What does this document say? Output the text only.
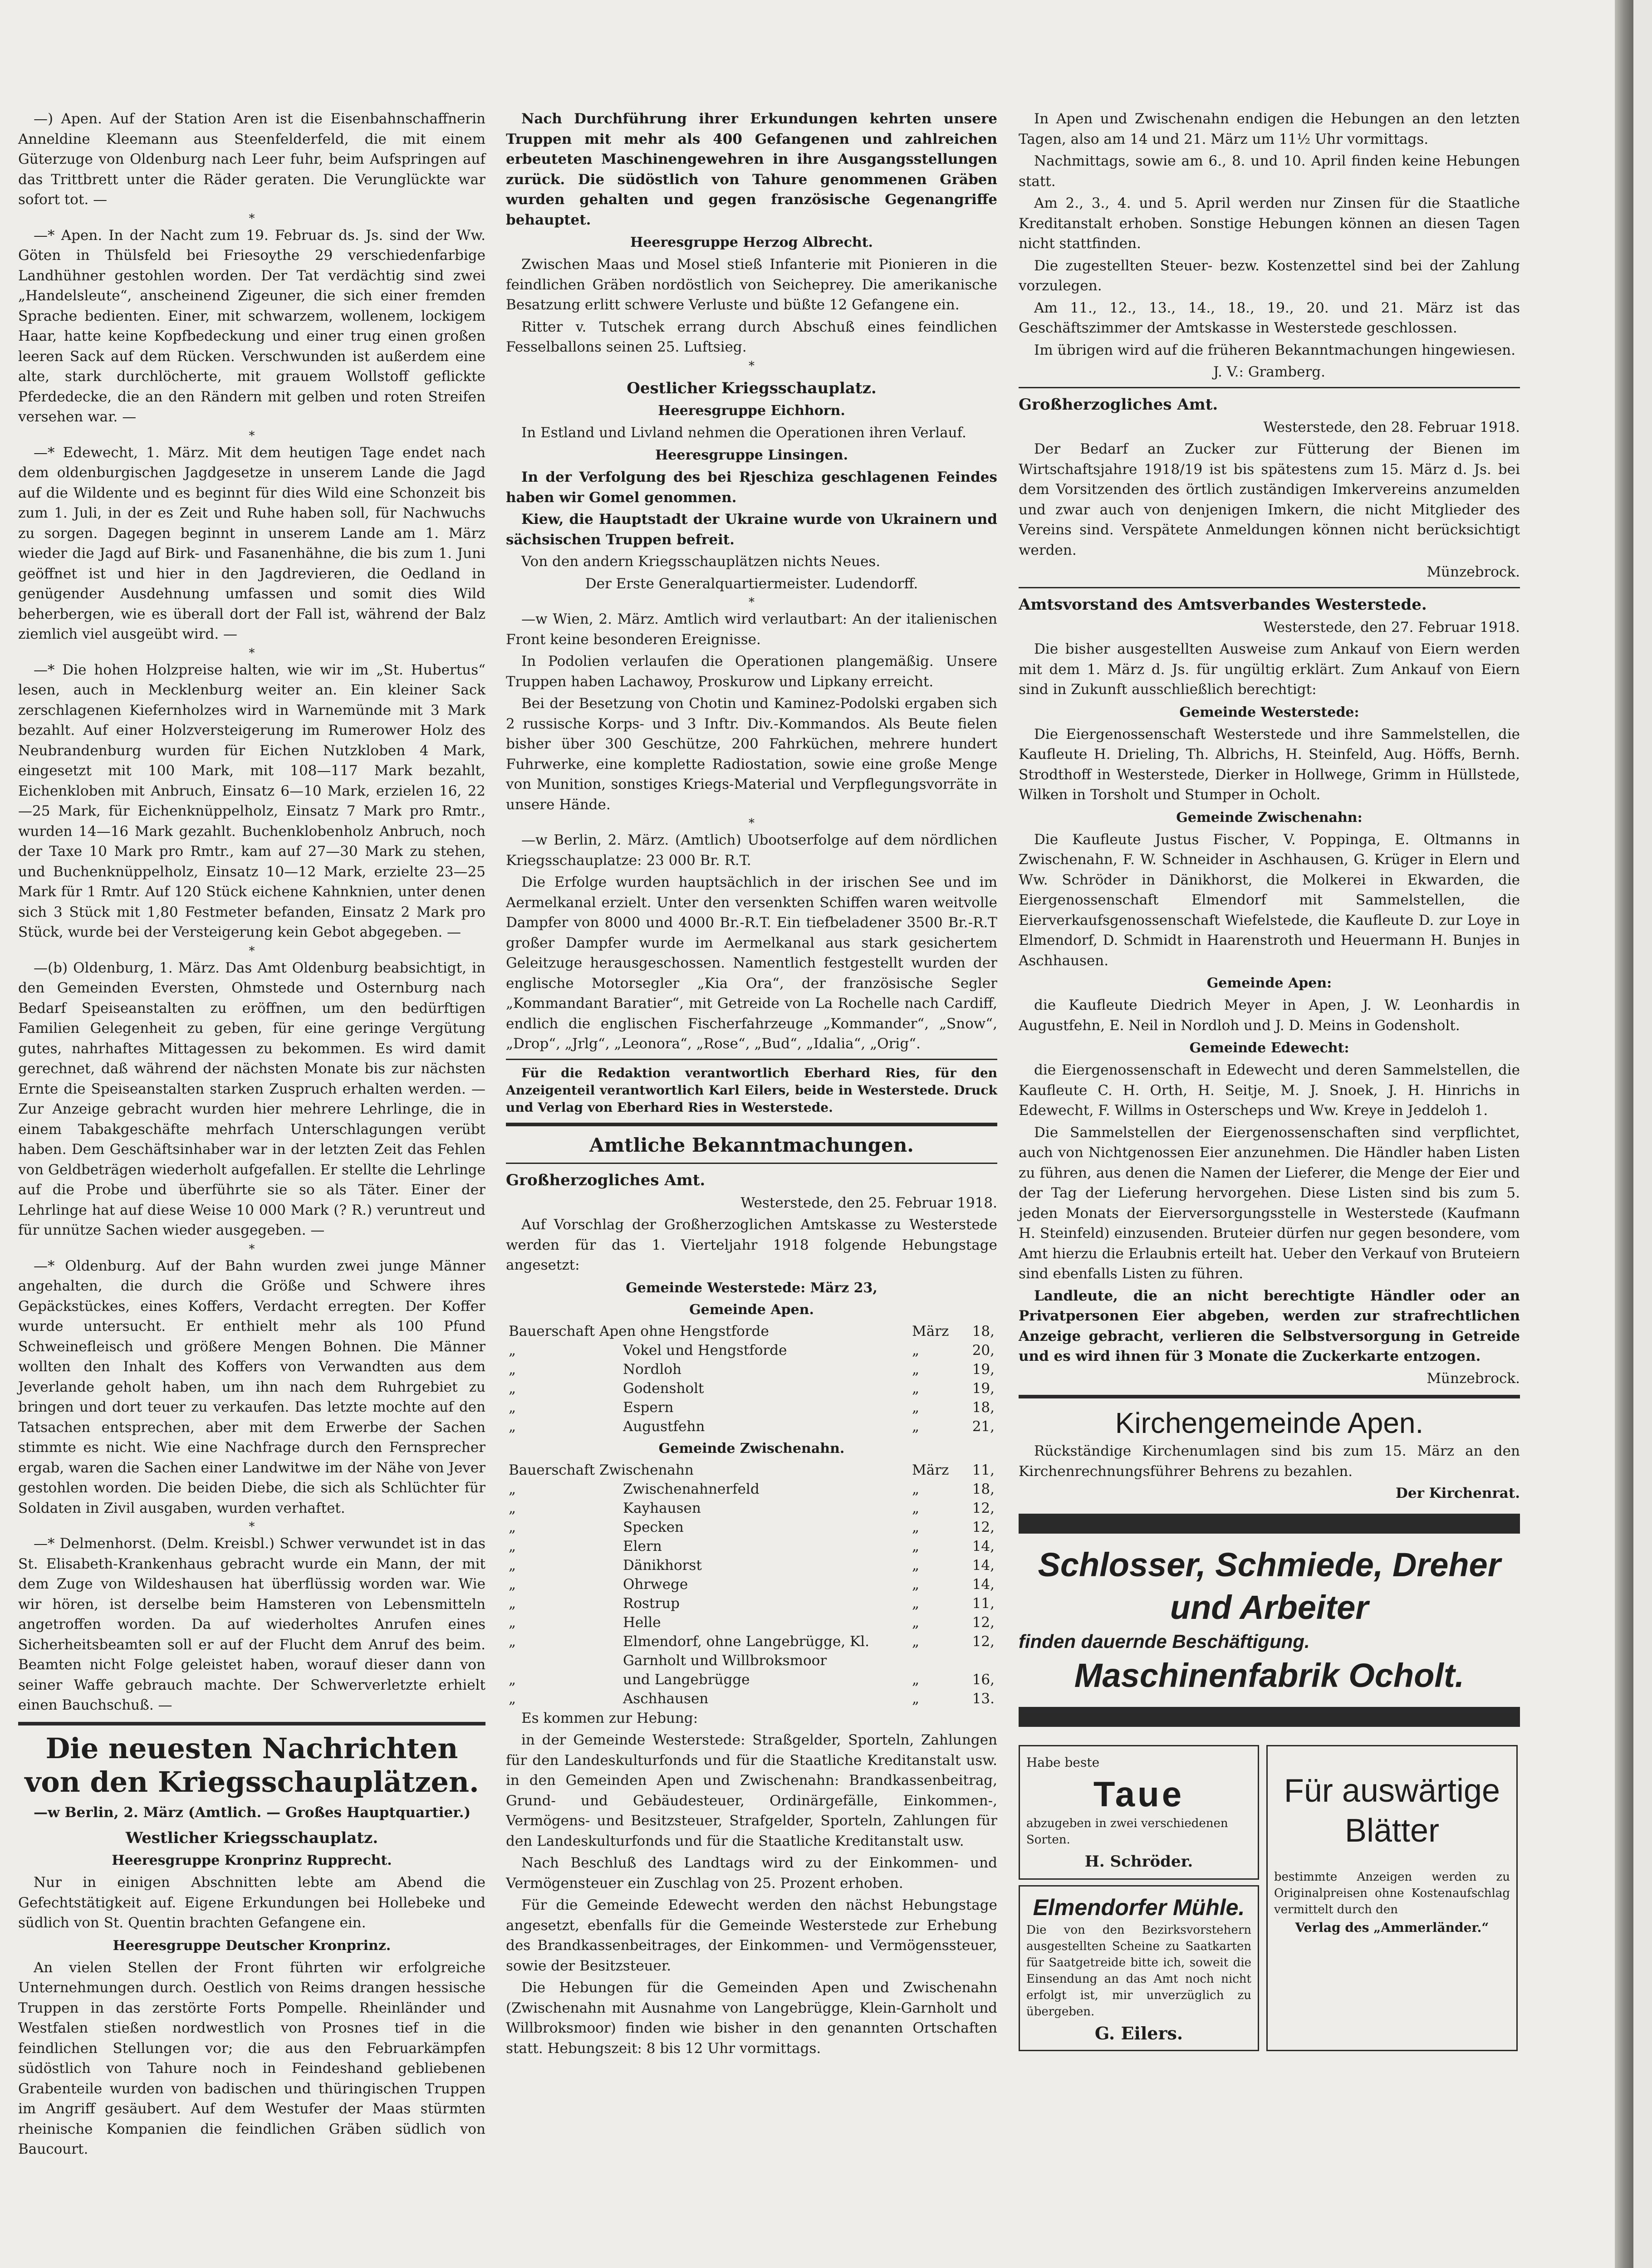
—) Apen. Auf der Station Aren ist die Eisenbahnschaffnerin Anneldine Kleemann aus Steenfelderfeld, die mit einem Güterzuge von Oldenburg nach Leer fuhr, beim Aufspringen auf das Trittbrett unter die Räder geraten. Die Verunglückte war sofort tot. —

*

—* Apen. In der Nacht zum 19. Februar ds. Js. sind der Ww. Göten in Thülsfeld bei Friesoythe 29 verschiedenfarbige Landhühner gestohlen worden. Der Tat verdächtig sind zwei „Handelsleute“, anscheinend Zigeuner, die sich einer fremden Sprache bedienten. Einer, mit schwarzem, wollenem, lockigem Haar, hatte keine Kopfbedeckung und einer trug einen großen leeren Sack auf dem Rücken. Verschwunden ist außerdem eine alte, stark durchlöcherte, mit grauem Wollstoff geflickte Pferdedecke, die an den Rändern mit gelben und roten Streifen versehen war. —

*

—* Edewecht, 1. März. Mit dem heutigen Tage endet nach dem oldenburgischen Jagdgesetze in unserem Lande die Jagd auf die Wildente und es beginnt für dies Wild eine Schonzeit bis zum 1. Juli, in der es Zeit und Ruhe haben soll, für Nachwuchs zu sorgen. Dagegen beginnt in unserem Lande am 1. März wieder die Jagd auf Birk- und Fasanenhähne, die bis zum 1. Juni geöffnet ist und hier in den Jagdrevieren, die Oedland in genügender Ausdehnung umfassen und somit dies Wild beherbergen, wie es überall dort der Fall ist, während der Balz ziemlich viel ausgeübt wird. —

*

—* Die hohen Holzpreise halten, wie wir im „St. Hubertus“ lesen, auch in Mecklenburg weiter an. Ein kleiner Sack zerschlagenen Kiefernholzes wird in Warnemünde mit 3 Mark bezahlt. Auf einer Holzversteigerung im Rumerower Holz des Neubrandenburg wurden für Eichen Nutzkloben 4 Mark, eingesetzt mit 100 Mark, mit 108—117 Mark bezahlt, Eichenkloben mit Anbruch, Einsatz 6—10 Mark, erzielen 16, 22—25 Mark, für Eichenknüppelholz, Einsatz 7 Mark pro Rmtr., wurden 14—16 Mark gezahlt. Buchenklobenholz Anbruch, noch der Taxe 10 Mark pro Rmtr., kam auf 27—30 Mark zu stehen, und Buchenknüppelholz, Einsatz 10—12 Mark, erzielte 23—25 Mark für 1 Rmtr. Auf 120 Stück eichene Kahnknien, unter denen sich 3 Stück mit 1,80 Festmeter befanden, Einsatz 2 Mark pro Stück, wurde bei der Versteigerung kein Gebot abgegeben. —

*

—(b) Oldenburg, 1. März. Das Amt Oldenburg beabsichtigt, in den Gemeinden Eversten, Ohmstede und Osternburg nach Bedarf Speiseanstalten zu eröffnen, um den bedürftigen Familien Gelegenheit zu geben, für eine geringe Vergütung gutes, nahrhaftes Mittagessen zu bekommen. Es wird damit gerechnet, daß während der nächsten Monate bis zur nächsten Ernte die Speiseanstalten starken Zuspruch erhalten werden. — Zur Anzeige gebracht wurden hier mehrere Lehrlinge, die in einem Tabakgeschäfte mehrfach Unterschlagungen verübt haben. Dem Geschäftsinhaber war in der letzten Zeit das Fehlen von Geldbeträgen wiederholt aufgefallen. Er stellte die Lehrlinge auf die Probe und überführte sie so als Täter. Einer der Lehrlinge hat auf diese Weise 10 000 Mark (? R.) veruntreut und für unnütze Sachen wieder ausgegeben. —

*

—* Oldenburg. Auf der Bahn wurden zwei junge Männer angehalten, die durch die Größe und Schwere ihres Gepäckstückes, eines Koffers, Verdacht erregten. Der Koffer wurde untersucht. Er enthielt mehr als 100 Pfund Schweinefleisch und größere Mengen Bohnen. Die Männer wollten den Inhalt des Koffers von Verwandten aus dem Jeverlande geholt haben, um ihn nach dem Ruhrgebiet zu bringen und dort teuer zu verkaufen. Das letzte mochte auf den Tatsachen entsprechen, aber mit dem Erwerbe der Sachen stimmte es nicht. Wie eine Nachfrage durch den Fernsprecher ergab, waren die Sachen einer Landwitwe im der Nähe von Jever gestohlen worden. Die beiden Diebe, die sich als Schlüchter für Soldaten in Zivil ausgaben, wurden verhaftet.

*

—* Delmenhorst. (Delm. Kreisbl.) Schwer verwundet ist in das St. Elisabeth-Krankenhaus gebracht wurde ein Mann, der mit dem Zuge von Wildeshausen hat überflüssig worden war. Wie wir hören, ist derselbe beim Hamsteren von Lebensmitteln angetroffen worden. Da auf wiederholtes Anrufen eines Sicherheitsbeamten soll er auf der Flucht dem Anruf des beim. Beamten nicht Folge geleistet haben, worauf dieser dann von seiner Waffe gebrauch machte. Der Schwerverletzte erhielt einen Bauchschuß. —

Die neuesten Nachrichten von den Kriegsschauplätzen.

—w Berlin, 2. März (Amtlich. — Großes Hauptquartier.)

Westlicher Kriegsschauplatz.
Heeresgruppe Kronprinz Rupprecht.

Nur in einigen Abschnitten lebte am Abend die Gefechtstätigkeit auf. Eigene Erkundungen bei Hollebeke und südlich von St. Quentin brachten Gefangene ein.

Heeresgruppe Deutscher Kronprinz.

An vielen Stellen der Front führten wir erfolgreiche Unternehmungen durch. Oestlich von Reims drangen hessische Truppen in das zerstörte Forts Pompelle. Rheinländer und Westfalen stießen nordwestlich von Prosnes tief in die feindlichen Stellungen vor; die aus den Februarkämpfen südöstlich von Tahure noch in Feindeshand gebliebenen Grabenteile wurden von badischen und thüringischen Truppen im Angriff gesäubert. Auf dem Westufer der Maas stürmten rheinische Kompanien die feindlichen Gräben südlich von Baucourt.

Nach Durchführung ihrer Erkundungen kehrten unsere Truppen mit mehr als 400 Gefangenen und zahlreichen erbeuteten Maschinengewehren in ihre Ausgangsstellungen zurück. Die südöstlich von Tahure genommenen Gräben wurden gehalten und gegen französische Gegenangriffe behauptet.

Heeresgruppe Herzog Albrecht.

Zwischen Maas und Mosel stieß Infanterie mit Pionieren in die feindlichen Gräben nordöstlich von Seicheprey. Die amerikanische Besatzung erlitt schwere Verluste und büßte 12 Gefangene ein.

Ritter v. Tutschek errang durch Abschuß eines feindlichen Fesselballons seinen 25. Luftsieg.

*
Oestlicher Kriegsschauplatz.
Heeresgruppe Eichhorn.

In Estland und Livland nehmen die Operationen ihren Verlauf.

Heeresgruppe Linsingen.

In der Verfolgung des bei Rjeschiza geschlagenen Feindes haben wir Gomel genommen.

Kiew, die Hauptstadt der Ukraine wurde von Ukrainern und sächsischen Truppen befreit.

Von den andern Kriegsschauplätzen nichts Neues.

Der Erste Generalquartiermeister. Ludendorff.

*

—w Wien, 2. März. Amtlich wird verlautbart: An der italienischen Front keine besonderen Ereignisse.

In Podolien verlaufen die Operationen plangemäßig. Unsere Truppen haben Lachawoy, Proskurow und Lipkany erreicht.

Bei der Besetzung von Chotin und Kaminez-Podolski ergaben sich 2 russische Korps- und 3 Inftr. Div.-Kommandos. Als Beute fielen bisher über 300 Geschütze, 200 Fahrküchen, mehrere hundert Fuhrwerke, eine komplette Radiostation, sowie eine große Menge von Munition, sonstiges Kriegs-Material und Verpflegungsvorräte in unsere Hände.

*

—w Berlin, 2. März. (Amtlich) Ubootserfolge auf dem nördlichen Kriegsschauplatze: 23 000 Br. R.T.

Die Erfolge wurden hauptsächlich in der irischen See und im Aermelkanal erzielt. Unter den versenkten Schiffen waren weitvolle Dampfer von 8000 und 4000 Br.-R.T. Ein tiefbeladener 3500 Br.-R.T großer Dampfer wurde im Aermelkanal aus stark gesichertem Geleitzuge herausgeschossen. Namentlich festgestellt wurden der englische Motorsegler „Kia Ora“, der französische Segler „Kommandant Baratier“, mit Getreide von La Rochelle nach Cardiff, endlich die englischen Fischerfahrzeuge „Kommander“, „Snow“, „Drop“, „Jrlg“, „Leonora“, „Rose“, „Bud“, „Idalia“, „Orig“.

Für die Redaktion verantwortlich Eberhard Ries, für den Anzeigenteil verantwortlich Karl Eilers, beide in Westerstede. Druck und Verlag von Eberhard Ries in Westerstede.

Amtliche Bekanntmachungen.
Großherzogliches Amt.

Westerstede, den 25. Februar 1918.

Auf Vorschlag der Großherzoglichen Amtskasse zu Westerstede werden für das 1. Vierteljahr 1918 folgende Hebungstage angesetzt:

Gemeinde Westerstede: März 23,
Gemeinde Apen.
Bauerschaft Apen ohne Hengstforde		März	18,
„	Vokel und Hengstforde	„	20,
„	Nordloh	„	19,
„	Godensholt	„	19,
„	Espern	„	18,
„	Augustfehn	„	21,
Gemeinde Zwischenahn.
Bauerschaft Zwischenahn		März	11,
„	Zwischenahnerfeld	„	18,
„	Kayhausen	„	12,
„	Specken	„	12,
„	Elern	„	14,
„	Dänikhorst	„	14,
„	Ohrwege	„	14,
„	Rostrup	„	11,
„	Helle	„	12,
„	Elmendorf, ohne Langebrügge, Kl. Garnholt und Willbroksmoor	„	12,
„	und Langebrügge	„	16,
„	Aschhausen	„	13.

Es kommen zur Hebung:

in der Gemeinde Westerstede: Straßgelder, Sporteln, Zahlungen für den Landeskulturfonds und für die Staatliche Kreditanstalt usw. in den Gemeinden Apen und Zwischenahn: Brandkassenbeitrag, Grund- und Gebäudesteuer, Ordinärgefälle, Einkommen-, Vermögens- und Besitzsteuer, Strafgelder, Sporteln, Zahlungen für den Landeskulturfonds und für die Staatliche Kreditanstalt usw.

Nach Beschluß des Landtags wird zu der Einkommen- und Vermögensteuer ein Zuschlag von 25. Prozent erhoben.

Für die Gemeinde Edewecht werden den nächst Hebungstage angesetzt, ebenfalls für die Gemeinde Westerstede zur Erhebung des Brandkassenbeitrages, der Einkommen- und Vermögenssteuer, sowie der Besitzsteuer.

Die Hebungen für die Gemeinden Apen und Zwischenahn (Zwischenahn mit Ausnahme von Langebrügge, Klein-Garnholt und Willbroksmoor) finden wie bisher in den genannten Ortschaften statt. Hebungszeit: 8 bis 12 Uhr vormittags.

In Apen und Zwischenahn endigen die Hebungen an den letzten Tagen, also am 14 und 21. März um 11½ Uhr vormittags.

Nachmittags, sowie am 6., 8. und 10. April finden keine Hebungen statt.

Am 2., 3., 4. und 5. April werden nur Zinsen für die Staatliche Kreditanstalt erhoben. Sonstige Hebungen können an diesen Tagen nicht stattfinden.

Die zugestellten Steuer- bezw. Kostenzettel sind bei der Zahlung vorzulegen.

Am 11., 12., 13., 14., 18., 19., 20. und 21. März ist das Geschäftszimmer der Amtskasse in Westerstede geschlossen.

Im übrigen wird auf die früheren Bekanntmachungen hingewiesen.

J. V.: Gramberg.

Großherzogliches Amt.

Westerstede, den 28. Februar 1918.

Der Bedarf an Zucker zur Fütterung der Bienen im Wirtschaftsjahre 1918/19 ist bis spätestens zum 15. März d. Js. bei dem Vorsitzenden des örtlich zuständigen Imkervereins anzumelden und zwar auch von denjenigen Imkern, die nicht Mitglieder des Vereins sind. Verspätete Anmeldungen können nicht berücksichtigt werden.

Münzebrock.

Amtsvorstand des Amtsverbandes Westerstede.

Westerstede, den 27. Februar 1918.

Die bisher ausgestellten Ausweise zum Ankauf von Eiern werden mit dem 1. März d. Js. für ungültig erklärt. Zum Ankauf von Eiern sind in Zukunft ausschließlich berechtigt:

Gemeinde Westerstede:

Die Eiergenossenschaft Westerstede und ihre Sammelstellen, die Kaufleute H. Drieling, Th. Albrichs, H. Steinfeld, Aug. Höffs, Bernh. Strodthoff in Westerstede, Dierker in Hollwege, Grimm in Hüllstede, Wilken in Torsholt und Stumper in Ocholt.

Gemeinde Zwischenahn:

Die Kaufleute Justus Fischer, V. Poppinga, E. Oltmanns in Zwischenahn, F. W. Schneider in Aschhausen, G. Krüger in Elern und Ww. Schröder in Dänikhorst, die Molkerei in Ekwarden, die Eiergenossenschaft Elmendorf mit Sammelstellen, die Eierverkaufsgenossenschaft Wiefelstede, die Kaufleute D. zur Loye in Elmendorf, D. Schmidt in Haarenstroth und Heuermann H. Bunjes in Aschhausen.

Gemeinde Apen:

die Kaufleute Diedrich Meyer in Apen, J. W. Leonhardis in Augustfehn, E. Neil in Nordloh und J. D. Meins in Godensholt.

Gemeinde Edewecht:

die Eiergenossenschaft in Edewecht und deren Sammelstellen, die Kaufleute C. H. Orth, H. Seitje, M. J. Snoek, J. H. Hinrichs in Edewecht, F. Willms in Osterscheps und Ww. Kreye in Jeddeloh 1.

Die Sammelstellen der Eiergenossenschaften sind verpflichtet, auch von Nichtgenossen Eier anzunehmen. Die Händler haben Listen zu führen, aus denen die Namen der Lieferer, die Menge der Eier und der Tag der Lieferung hervorgehen. Diese Listen sind bis zum 5. jeden Monats der Eierversorgungsstelle in Westerstede (Kaufmann H. Steinfeld) einzusenden. Bruteier dürfen nur gegen besondere, vom Amt hierzu die Erlaubnis erteilt hat. Ueber den Verkauf von Bruteiern sind ebenfalls Listen zu führen.

Landleute, die an nicht berechtigte Händler oder an Privatpersonen Eier abgeben, werden zur strafrechtlichen Anzeige gebracht, verlieren die Selbstversorgung in Getreide und es wird ihnen für 3 Monate die Zuckerkarte entzogen.

Münzebrock.

Kirchengemeinde Apen.

Rückständige Kirchenumlagen sind bis zum 15. März an den Kirchenrechnungsführer Behrens zu bezahlen.

Der Kirchenrat.

Schlosser, Schmiede, Dreher
und Arbeiter
finden dauernde Beschäftigung.
Maschinenfabrik Ocholt.
Habe beste
Taue
abzugeben in zwei verschiedenen Sorten.
H. Schröder.
Elmendorfer Mühle.
Die von den Bezirksvorstehern ausgestellten Scheine zu Saatkarten für Saatgetreide bitte ich, soweit die Einsendung an das Amt noch nicht erfolgt ist, mir unverzüglich zu übergeben.
G. Eilers.
Für auswärtige
Blätter
bestimmte Anzeigen werden zu Originalpreisen ohne Kostenaufschlag vermittelt durch den
Verlag des „Ammerländer.“
